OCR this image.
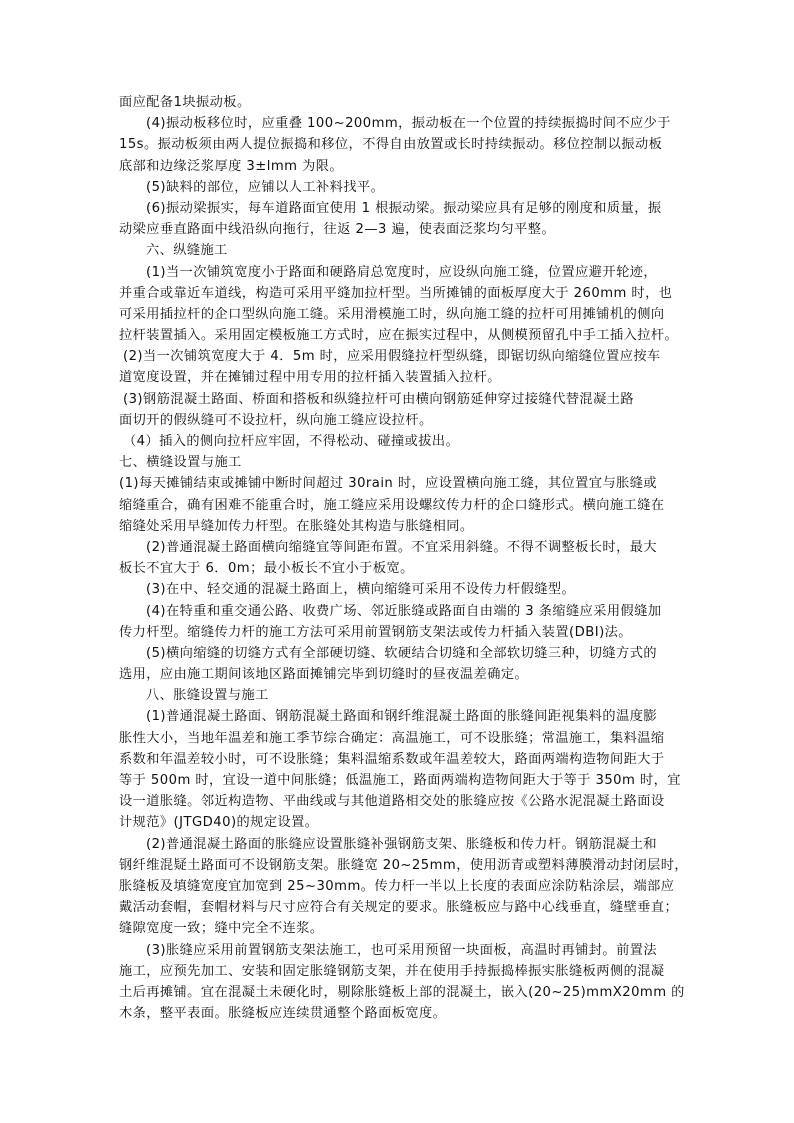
面应配备1块振动板。
(4)振动板移位时，应重叠 100~200mm，振动板在一个位置的持续振捣时间不应少于
15s。振动板须由两人提位振捣和移位，不得自由放置或长时持续振动。移位控制以振动板
底部和边缘泛浆厚度 3±lmm 为限。
(5)缺料的部位，应铺以人工补料找平。
(6)振动梁振实，每车道路面宜使用 1 根振动梁。振动梁应具有足够的刚度和质量，振
动梁应垂直路面中线沿纵向拖行，往返 2—3 遍，使表面泛浆均匀平整。
六、纵缝施工
(1)当一次铺筑宽度小于路面和硬路肩总宽度时，应设纵向施工缝，位置应避开轮迹，
并重合或靠近车道线，构造可采用平缝加拉杆型。当所摊铺的面板厚度大于 260mm 时，也
可采用插拉杆的企口型纵向施工缝。采用滑模施工时，纵向施工缝的拉杆可用摊铺机的侧向
拉杆装置插入。采用固定模板施工方式时，应在振实过程中，从侧模预留孔中手工插入拉杆。
(2)当一次铺筑宽度大于 4．5m 时，应采用假缝拉杆型纵缝，即锯切纵向缩缝位置应按车
道宽度设置，并在摊铺过程中用专用的拉杆插入装置插入拉杆。
(3)钢筋混凝土路面、桥面和搭板和纵缝拉杆可由横向钢筋延伸穿过接缝代替混凝土路
面切开的假纵缝可不设拉杆，纵向施工缝应设拉杆。
（4）插入的侧向拉杆应牢固，不得松动、碰撞或拔出。
七、横缝设置与施工
(1)每天摊铺结束或摊铺中断时间超过 30rain 时，应设置横向施工缝，其位置宜与胀缝或
缩缝重合，确有困难不能重合时，施工缝应采用设螺纹传力杆的企口缝形式。横向施工缝在
缩缝处采用早缝加传力杆型。在胀缝处其构造与胀缝相同。
(2)普通混凝土路面横向缩缝宜等间距布置。不宜采用斜缝。不得不调整板长时，最大
板长不宜大于 6．0m；最小板长不宜小于板宽。
(3)在中、轻交通的混凝土路面上，横向缩缝可采用不设传力杆假缝型。
(4)在特重和重交通公路、收费广场、邻近胀缝或路面自由端的 3 条缩缝应采用假缝加
传力杆型。缩缝传力杆的施工方法可采用前置钢筋支架法或传力杆插入装置(DBI)法。
(5)横向缩缝的切缝方式有全部硬切缝、软硬结合切缝和全部软切缝三种，切缝方式的
选用，应由施工期间该地区路面摊铺完毕到切缝时的昼夜温差确定。
八、胀缝设置与施工
(1)普通混凝土路面、钢筋混凝土路面和钢纤维混凝土路面的胀缝间距视集料的温度膨
胀性大小，当地年温差和施工季节综合确定：高温施工，可不设胀缝；常温施工，集料温缩
系数和年温差较小时，可不设胀缝；集料温缩系数或年温差较大，路面两端构造物间距大于
等于 500m 时，宜设一道中间胀缝；低温施工，路面两端构造物间距大于等于 350m 时，宜
设一道胀缝。邻近构造物、平曲线或与其他道路相交处的胀缝应按《公路水泥混凝土路面设
计规范》(JTGD40)的规定设置。
(2)普通混凝土路面的胀缝应设置胀缝补强钢筋支架、胀缝板和传力杆。钢筋混凝土和
钢纤维混疑土路面可不设钢筋支架。胀缝宽 20~25mm，使用沥青或塑料薄膜滑动封闭层时，
胀缝板及填缝宽度宜加宽到 25~30mm。传力杆一半以上长度的表面应涂防粘涂层，端部应
戴活动套帽，套帽材料与尺寸应符合有关规定的要求。胀缝板应与路中心线垂直，缝壁垂直；
缝隙宽度一致；缝中完全不连浆。
(3)胀缝应采用前置钢筋支架法施工，也可采用预留一块面板，高温时再铺封。前置法
施工，应预先加工、安装和固定胀缝钢筋支架，并在使用手持振捣棒振实胀缝板两侧的混凝
土后再摊铺。宜在混凝土未硬化时，剔除胀缝板上部的混凝土，嵌入(20~25)mmX20mm 的
木条，整平表面。胀缝板应连续贯通整个路面板宽度。
